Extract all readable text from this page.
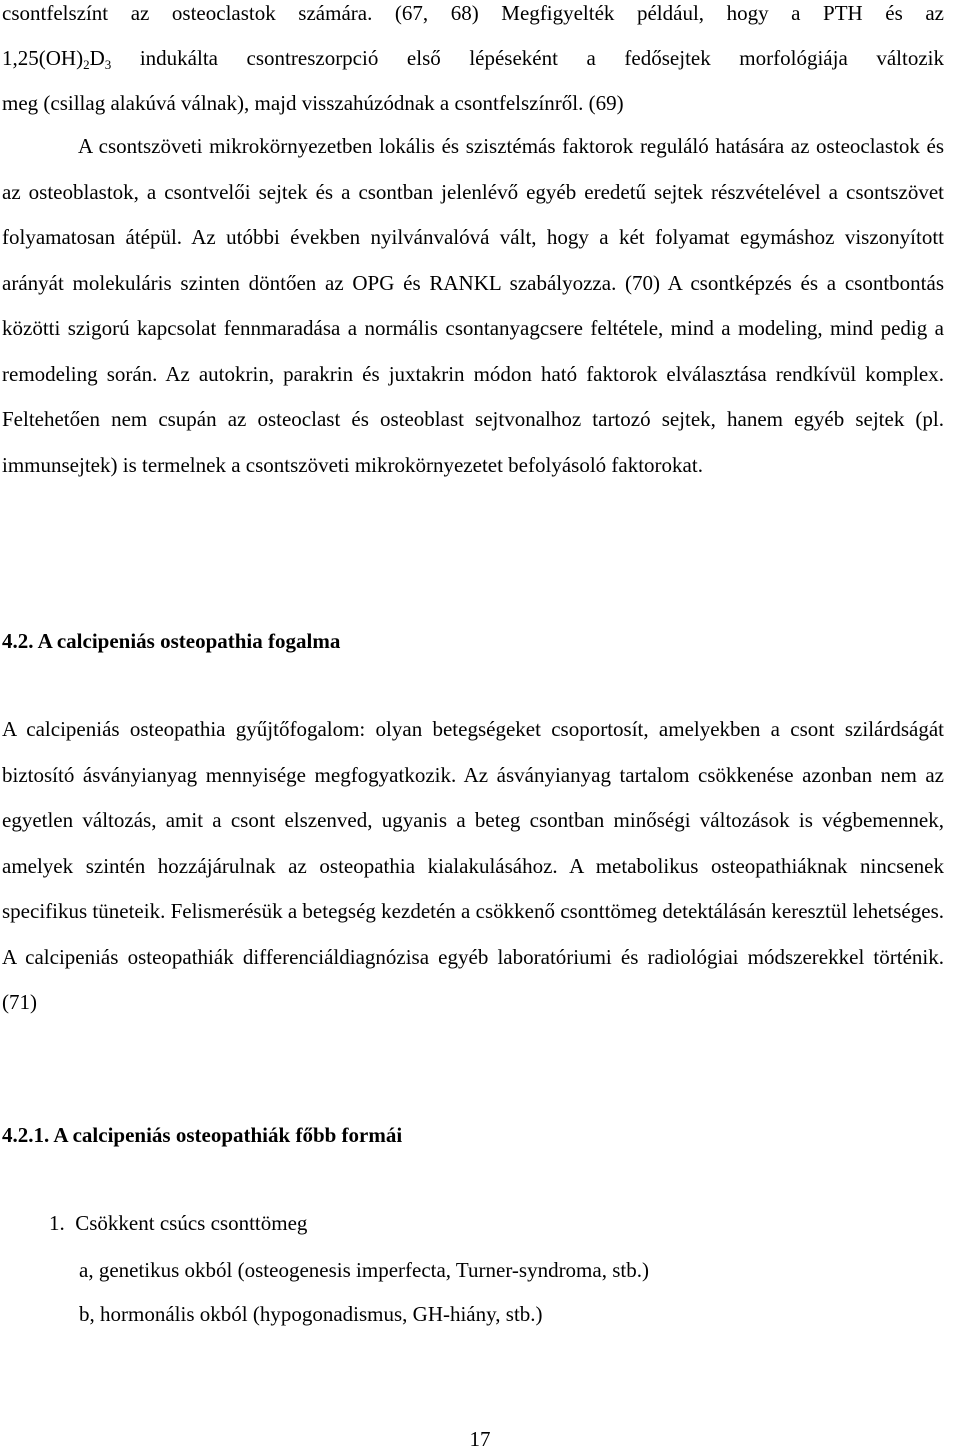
csontfelszínt az osteoclastok számára. (67, 68) Megfigyelték például, hogy a PTH és az

$1,25(OH)_2D_3$ indukálta csontreszorpció első lépéseként a fedősejtek morfológiája változik

meg (csillag alakúvá válnak), majd visszahúzódnak a csontfelszínről. (69)

A csontszöveti mikrokörnyezetben lokális és szisztémás faktorok reguláló hatására az osteoclastok és az osteoblastok, a csontvelői sejtek és a csontban jelenlévő egyéb eredetű sejtek részvételével a csontszövet folyamatosan átépül. Az utóbbi években nyilvánvalóvá vált, hogy a két folyamat egymáshoz viszonyított arányát molekuláris szinten döntően az OPG és RANKL szabályozza. (70) A csontképzés és a csontbontás közötti szigorú kapcsolat fennmaradása a normális csontanyagcsere feltétele, mind a modeling, mind pedig a remodeling során. Az autokrin, parakrin és juxtakrin módon ható faktorok elválasztása rendkívül komplex. Feltehetően nem csupán az osteoclast és osteoblast sejtvonalhoz tartozó sejtek, hanem egyéb sejtek (pl. immunsejtek) is termelnek a csontszöveti mikrokörnyezetet befolyásoló faktorokat.

4.2. A calcipeniás osteopathia fogalma

A calcipeniás osteopathia gyűjtőfogalom: olyan betegségeket csoportosít, amelyekben a csont szilárdságát biztosító ásványianyag mennyisége megfogyatkozik. Az ásványianyag tartalom csökkenése azonban nem az egyetlen változás, amit a csont elszenved, ugyanis a beteg csontban minőségi változások is végbemennek, amelyek szintén hozzájárulnak az osteopathia kialakulásához. A metabolikus osteopathiáknak nincsenek specifikus tüneteik. Felismerésük a betegség kezdetén a csökkenő csonttömeg detektálásán keresztül lehetséges. A calcipeniás osteopathiák differenciáldiagnózisa egyéb laboratóriumi és radiológiai módszerekkel történik. (71)

4.2.1. A calcipeniás osteopathiák főbb formái

1.  Csökkent csúcs csonttömeg

a, genetikus okból (osteogenesis imperfecta, Turner-syndroma, stb.)

b, hormonális okból (hypogonadismus, GH-hiány, stb.)

17
